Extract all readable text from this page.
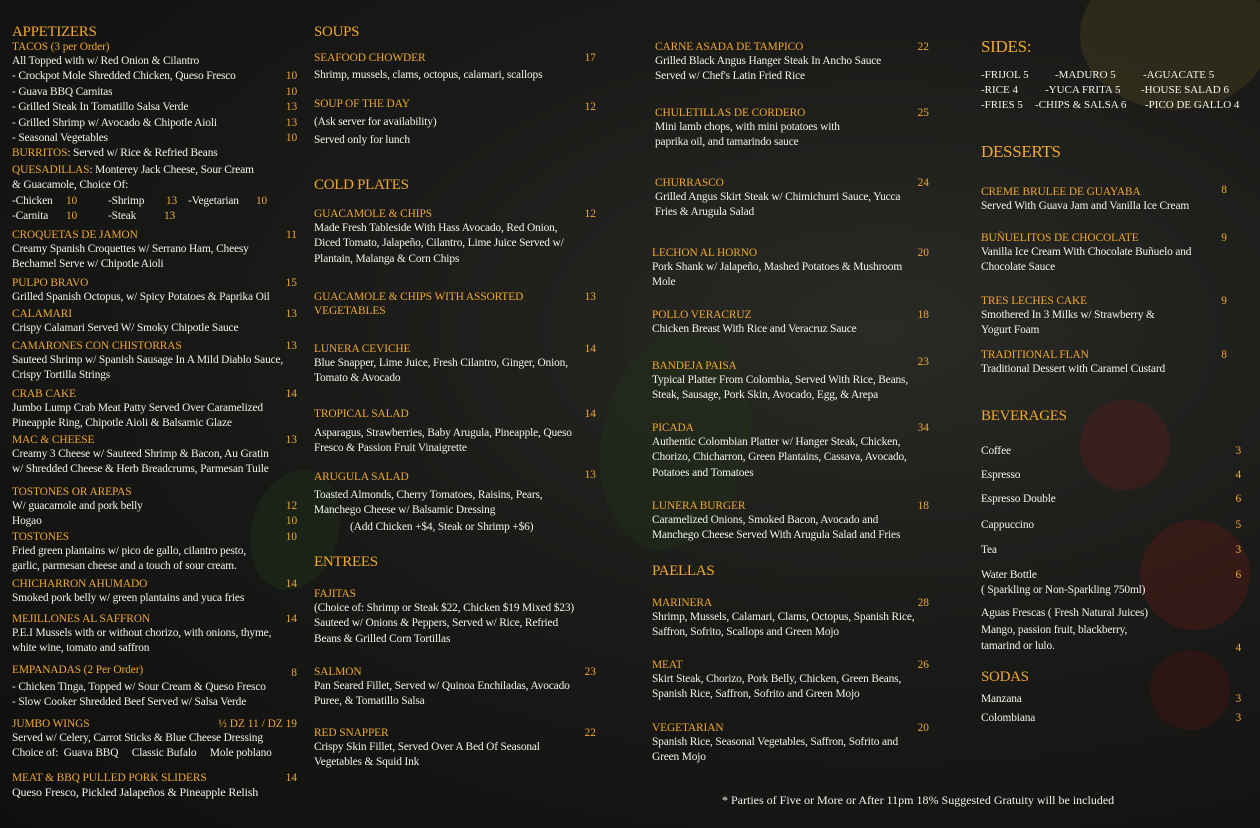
APPETIZERS
TACOS (3 per Order)
All Topped with w/ Red Onion & Cilantro
- Crockpot Mole Shredded Chicken, Queso Fresco	10
- Guava BBQ Carnitas	10
- Grilled Steak In Tomatillo Salsa Verde	13
- Grilled Shrimp w/ Avocado & Chipotle Aioli	13
- Seasonal Vegetables	10
BURRITOS: Served w/ Rice & Refried Beans
QUESADILLAS: Monterey Jack Cheese, Sour Cream
& Guacamole, Choice Of:
-Chicken 10	-Shrimp 13 -Vegetarian 10
-Carnita 10	-Steak 13
CROQUETAS DE JAMON	11
Creamy Spanish Croquettes w/ Serrano Ham, Cheesy
Bechamel Serve w/ Chipotle Aioli
PULPO BRAVO	15
Grilled Spanish Octopus, w/ Spicy Potatoes & Paprika Oil
CALAMARI	13
Crispy Calamari Served W/ Smoky Chipotle Sauce
CAMARONES CON CHISTORRAS	13
Sauteed Shrimp w/ Spanish Sausage In A Mild Diablo Sauce,
Crispy Tortilla Strings
CRAB CAKE	14
Jumbo Lump Crab Meat Patty Served Over Caramelized
Pineapple Ring, Chipotle Aioli & Balsamic Glaze
MAC & CHEESE	13
Creamy 3 Cheese w/ Sauteed Shrimp & Bacon, Au Gratin
w/ Shredded Cheese & Herb Breadcrums, Parmesan Tuile
TOSTONES OR AREPAS
W/ guacamole and pork belly	12
Hogao	10
TOSTONES	10
Fried green plantains w/ pico de gallo, cilantro pesto,
garlic, parmesan cheese and a touch of sour cream.
CHICHARRON AHUMADO	14
Smoked pork belly w/ green plantains and yuca fries
MEJILLONES AL SAFFRON	14
P.E.I Mussels with or without chorizo, with onions, thyme,
white wine, tomato and saffron
EMPANADAS (2 Per Order)	8
- Chicken Tinga, Topped w/ Sour Cream & Queso Fresco
- Slow Cooker Shredded Beef Served w/ Salsa Verde
JUMBO WINGS	½ DZ 11 / DZ 19
Served w/ Celery, Carrot Sticks & Blue Cheese Dressing
Choice of:  Guava BBQ     Classic Bufalo     Mole poblano
MEAT & BBQ PULLED PORK SLIDERS	14
Queso Fresco, Pickled Jalapeños & Pineapple Relish
SOUPS
SEAFOOD CHOWDER	17
Shrimp, mussels, clams, octopus, calamari, scallops
SOUP OF THE DAY	12
(Ask server for availability)
Served only for lunch
COLD PLATES
GUACAMOLE & CHIPS	12
Made Fresh Tableside With Hass Avocado, Red Onion,
Diced Tomato, Jalapeño, Cilantro, Lime Juice Served w/
Plantain, Malanga & Corn Chips
GUACAMOLE & CHIPS WITH ASSORTED	13
VEGETABLES
LUNERA CEVICHE	14
Blue Snapper, Lime Juice, Fresh Cilantro, Ginger, Onion,
Tomato & Avocado
TROPICAL SALAD	14
Asparagus, Strawberries, Baby Arugula, Pineapple, Queso
Fresco & Passion Fruit Vinaigrette
ARUGULA SALAD	13
Toasted Almonds, Cherry Tomatoes, Raisins, Pears,
Manchego Cheese w/ Balsamic Dressing
(Add Chicken +$4, Steak or Shrimp +$6)
ENTREES
FAJITAS
(Choice of: Shrimp or Steak $22, Chicken $19 Mixed $23)
Sauteed w/ Onions & Peppers, Served w/ Rice, Refried
Beans & Grilled Corn Tortillas
SALMON	23
Pan Seared Fillet, Served w/ Quinoa Enchiladas, Avocado
Puree, & Tomatillo Salsa
RED SNAPPER	22
Crispy Skin Fillet, Served Over A Bed Of Seasonal
Vegetables & Squid Ink
CARNE ASADA DE TAMPICO	22
Grilled Black Angus Hanger Steak In Ancho Sauce
Served w/ Chef's Latin Fried Rice
CHULETILLAS DE CORDERO	25
Mini lamb chops, with mini potatoes with
paprika oil, and tamarindo sauce
CHURRASCO	24
Grilled Angus Skirt Steak w/ Chimichurri Sauce, Yucca
Fries & Arugula Salad
LECHON AL HORNO	20
Pork Shank w/ Jalapeño, Mashed Potatoes & Mushroom
Mole
POLLO VERACRUZ	18
Chicken Breast With Rice and Veracruz Sauce
BANDEJA PAISA	23
Typical Platter From Colombia, Served With Rice, Beans,
Steak, Sausage, Pork Skin, Avocado, Egg, & Arepa
PICADA	34
Authentic Colombian Platter w/ Hanger Steak, Chicken,
Chorizo, Chicharron, Green Plantains, Cassava, Avocado,
Potatoes and Tomatoes
LUNERA BURGER	18
Caramelized Onions, Smoked Bacon, Avocado and
Manchego Cheese Served With Arugula Salad and Fries
PAELLAS
MARINERA	28
Shrimp, Mussels, Calamari, Clams, Octopus, Spanish Rice,
Saffron, Sofrito, Scallops and Green Mojo
MEAT	26
Skirt Steak, Chorizo, Pork Belly, Chicken, Green Beans,
Spanish Rice, Saffron, Sofrito and Green Mojo
VEGETARIAN	20
Spanish Rice, Seasonal Vegetables, Saffron, Sofrito and
Green Mojo
SIDES:
-FRIJOL 5 -MADURO 5 -AGUACATE 5
-RICE 4 -YUCA FRITA 5 -HOUSE SALAD 6
-FRIES 5 -CHIPS & SALSA 6 -PICO DE GALLO 4
DESSERTS
CREME BRULEE DE GUAYABA	8
Served With Guava Jam and Vanilla Ice Cream
BUÑUELITOS DE CHOCOLATE	9
Vanilla Ice Cream With Chocolate Buñuelo and
Chocolate Sauce
TRES LECHES CAKE	9
Smothered In 3 Milks w/ Strawberry &
Yogurt Foam
TRADITIONAL FLAN	8
Traditional Dessert with Caramel Custard
BEVERAGES
Coffee	3
Espresso	4
Espresso Double	6
Cappuccino	5
Tea	3
Water Bottle	6
( Sparkling or Non-Sparkling 750ml)
Aguas Frescas ( Fresh Natural Juices)
Mango, passion fruit, blackberry,
tamarind or lulo.	4
SODAS
Manzana	3
Colombiana	3
* Parties of Five or More or After 11pm 18% Suggested Gratuity will be included
